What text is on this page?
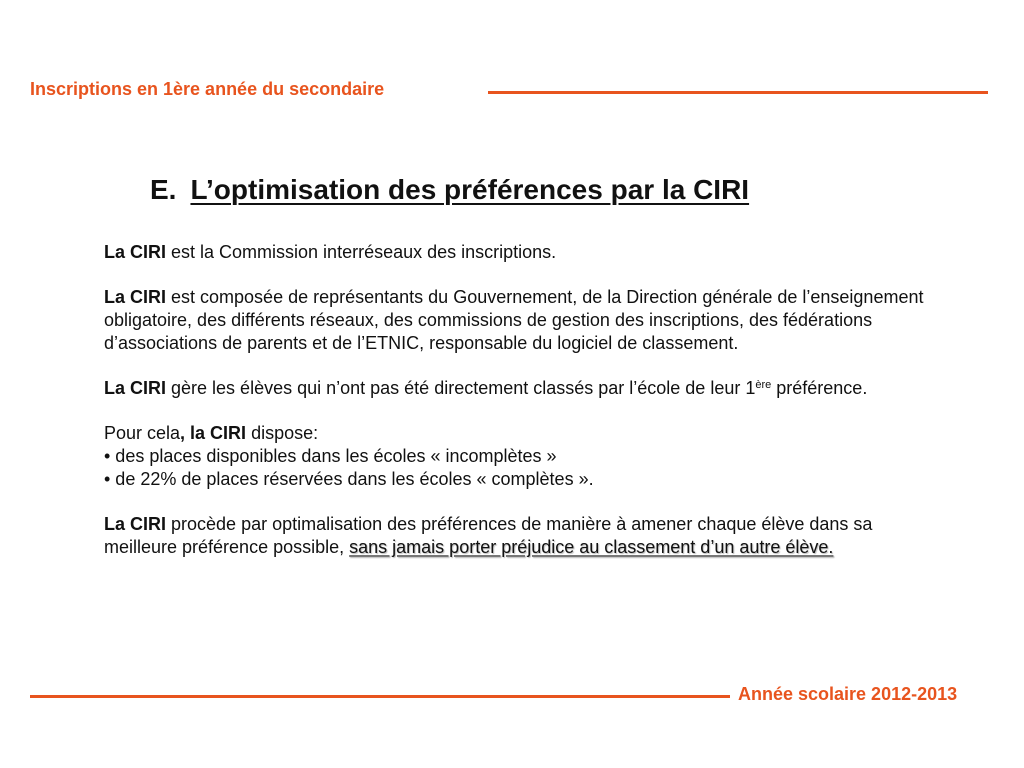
Inscriptions en 1ère année du secondaire
E. L’optimisation des préférences par la CIRI

La CIRI est la Commission interréseaux des inscriptions.

La CIRI est composée de représentants du Gouvernement, de la Direction générale de l’enseignement obligatoire, des différents réseaux, des commissions de gestion des inscriptions, des fédérations d’associations de parents et de l’ETNIC, responsable du logiciel de classement.

La CIRI gère les élèves qui n’ont pas été directement classés par l’école de leur 1ère préférence.

Pour cela, la CIRI dispose:

• des places disponibles dans les écoles « incomplètes »

• de 22% de places réservées dans les écoles « complètes ».

La CIRI procède par optimalisation des préférences de manière à amener chaque élève dans sa meilleure préférence possible, sans jamais porter préjudice au classement d’un autre élève.

Année scolaire 2012-2013
